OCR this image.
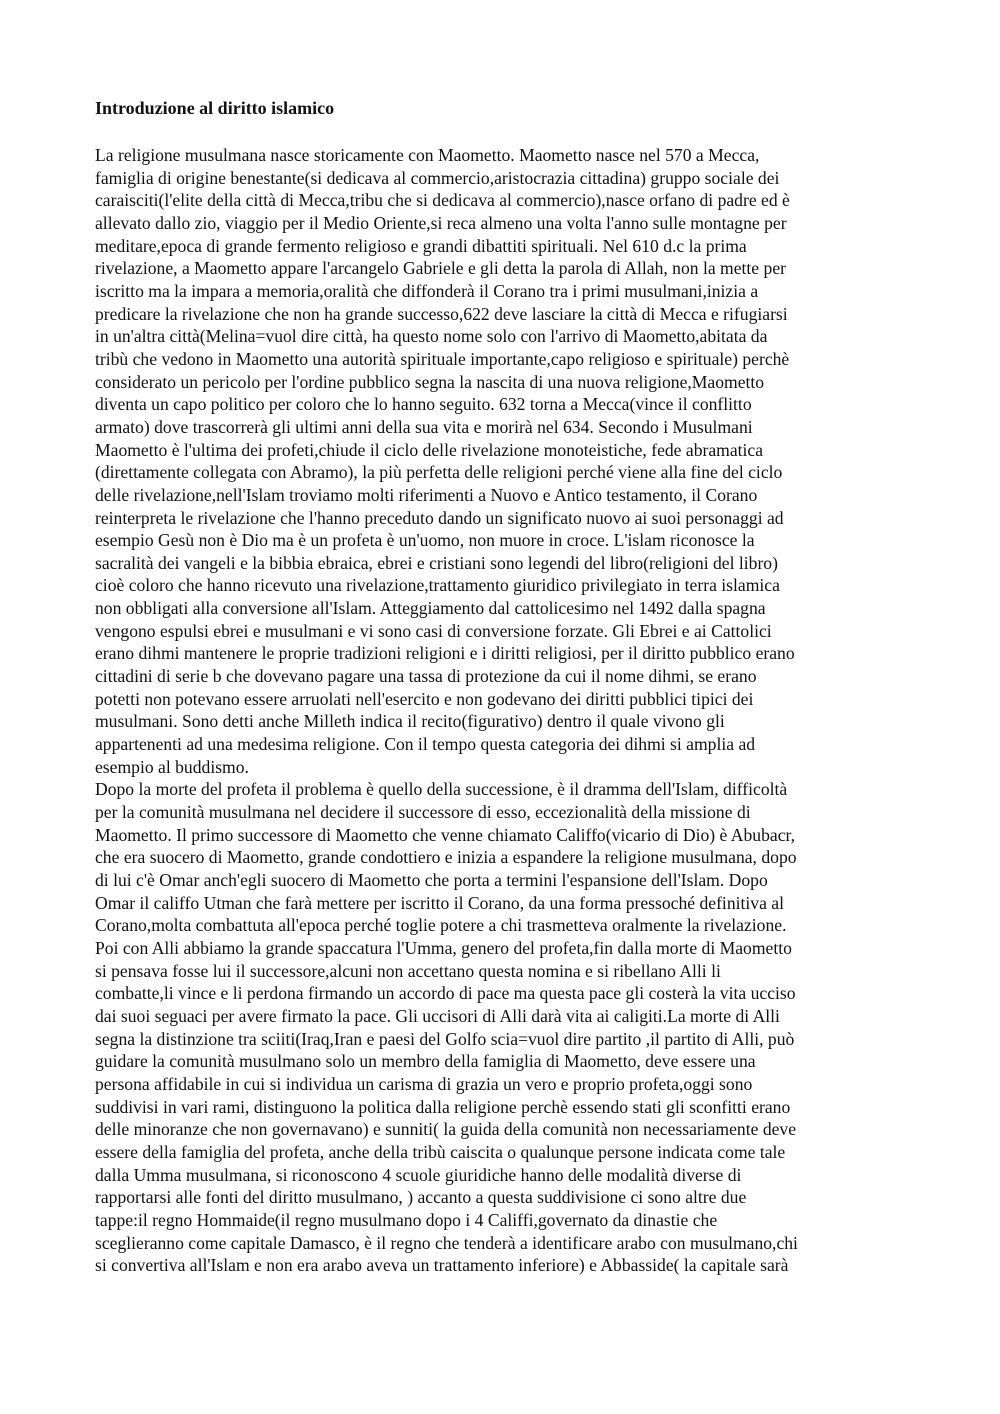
Introduzione al diritto islamico
La religione musulmana nasce storicamente con Maometto. Maometto nasce nel 570 a Mecca,
famiglia di origine benestante(si dedicava al commercio,aristocrazia cittadina) gruppo sociale dei
caraisciti(l'elite della città di Mecca,tribu che si dedicava al commercio),nasce orfano di padre ed è
allevato dallo zio, viaggio per il Medio Oriente,si reca almeno una volta l'anno sulle montagne per
meditare,epoca di grande fermento religioso e grandi dibattiti spirituali. Nel 610 d.c la prima
rivelazione, a Maometto appare l'arcangelo Gabriele e gli detta la parola di Allah, non la mette per
iscritto ma la impara a memoria,oralità che diffonderà il Corano tra i primi musulmani,inizia a
predicare la rivelazione che non ha grande successo,622 deve lasciare la città di Mecca e rifugiarsi
in un'altra città(Melina=vuol dire città, ha questo nome solo con l'arrivo di Maometto,abitata da
tribù che vedono in Maometto una autorità spirituale importante,capo religioso e spirituale) perchè
considerato un pericolo per l'ordine pubblico segna la nascita di una nuova religione,Maometto
diventa un capo politico per coloro che lo hanno seguito. 632 torna a Mecca(vince il conflitto
armato) dove trascorrerà gli ultimi anni della sua vita e morirà nel 634. Secondo i Musulmani
Maometto è l'ultima dei profeti,chiude il ciclo delle rivelazione monoteistiche, fede abramatica
(direttamente collegata con Abramo), la più perfetta delle religioni perché viene alla fine del ciclo
delle rivelazione,nell'Islam troviamo molti riferimenti a Nuovo e Antico testamento, il Corano
reinterpreta le rivelazione che l'hanno preceduto dando un significato nuovo ai suoi personaggi ad
esempio Gesù non è Dio ma è un profeta è un'uomo, non muore in croce. L'islam riconosce la
sacralità dei vangeli e la bibbia ebraica, ebrei e cristiani sono legendi del libro(religioni del libro)
cioè coloro che hanno ricevuto una rivelazione,trattamento giuridico privilegiato in terra islamica
non obbligati alla conversione all'Islam. Atteggiamento dal cattolicesimo nel 1492 dalla spagna
vengono espulsi ebrei e musulmani e vi sono casi di conversione forzate. Gli Ebrei e ai Cattolici
erano dihmi mantenere le proprie tradizioni religioni e i diritti religiosi, per il diritto pubblico erano
cittadini di serie b che dovevano pagare una tassa di protezione da cui il nome dihmi, se erano
potetti non potevano essere arruolati nell'esercito e non godevano dei diritti pubblici tipici dei
musulmani. Sono detti anche Milleth indica il recito(figurativo) dentro il quale vivono gli
appartenenti ad una medesima religione. Con il tempo questa categoria dei dihmi si amplia ad
esempio al buddismo.
Dopo la morte del profeta il problema è quello della successione, è il dramma dell'Islam, difficoltà
per la comunità musulmana nel decidere il successore di esso, eccezionalità della missione di
Maometto. Il primo successore di Maometto che venne chiamato Califfo(vicario di Dio) è Abubacr,
che era suocero di Maometto, grande condottiero e inizia a espandere la religione musulmana, dopo
di lui c'è Omar anch'egli suocero di Maometto che porta a termini l'espansione dell'Islam. Dopo
Omar il califfo Utman che farà mettere per iscritto il Corano, da una forma pressoché definitiva al
Corano,molta combattuta all'epoca perché toglie potere a chi trasmetteva oralmente la rivelazione.
Poi con Alli abbiamo la grande spaccatura l'Umma, genero del profeta,fin dalla morte di Maometto
si pensava fosse lui il successore,alcuni non accettano questa nomina e si ribellano Alli li
combatte,li vince e li perdona firmando un accordo di pace ma questa pace gli costerà la vita ucciso
dai suoi seguaci per avere firmato la pace. Gli uccisori di Alli darà vita ai caligiti.La morte di Alli
segna la distinzione tra sciiti(Iraq,Iran e paesi del Golfo scia=vuol dire partito ,il partito di Alli, può
guidare la comunità musulmano solo un membro della famiglia di Maometto, deve essere una
persona affidabile in cui si individua un carisma di grazia un vero e proprio profeta,oggi sono
suddivisi in vari rami, distinguono la politica dalla religione perchè essendo stati gli sconfitti erano
delle minoranze che non governavano) e sunniti( la guida della comunità non necessariamente deve
essere della famiglia del profeta, anche della tribù caiscita o qualunque persone indicata come tale
dalla Umma musulmana, si riconoscono 4 scuole giuridiche hanno delle modalità diverse di
rapportarsi alle fonti del diritto musulmano, ) accanto a questa suddivisione ci sono altre due
tappe:il regno Hommaide(il regno musulmano dopo i 4 Califfi,governato da dinastie che
sceglieranno come capitale Damasco, è il regno che tenderà a identificare arabo con musulmano,chi
si convertiva all'Islam e non era arabo aveva un trattamento inferiore) e Abbasside( la capitale sarà
